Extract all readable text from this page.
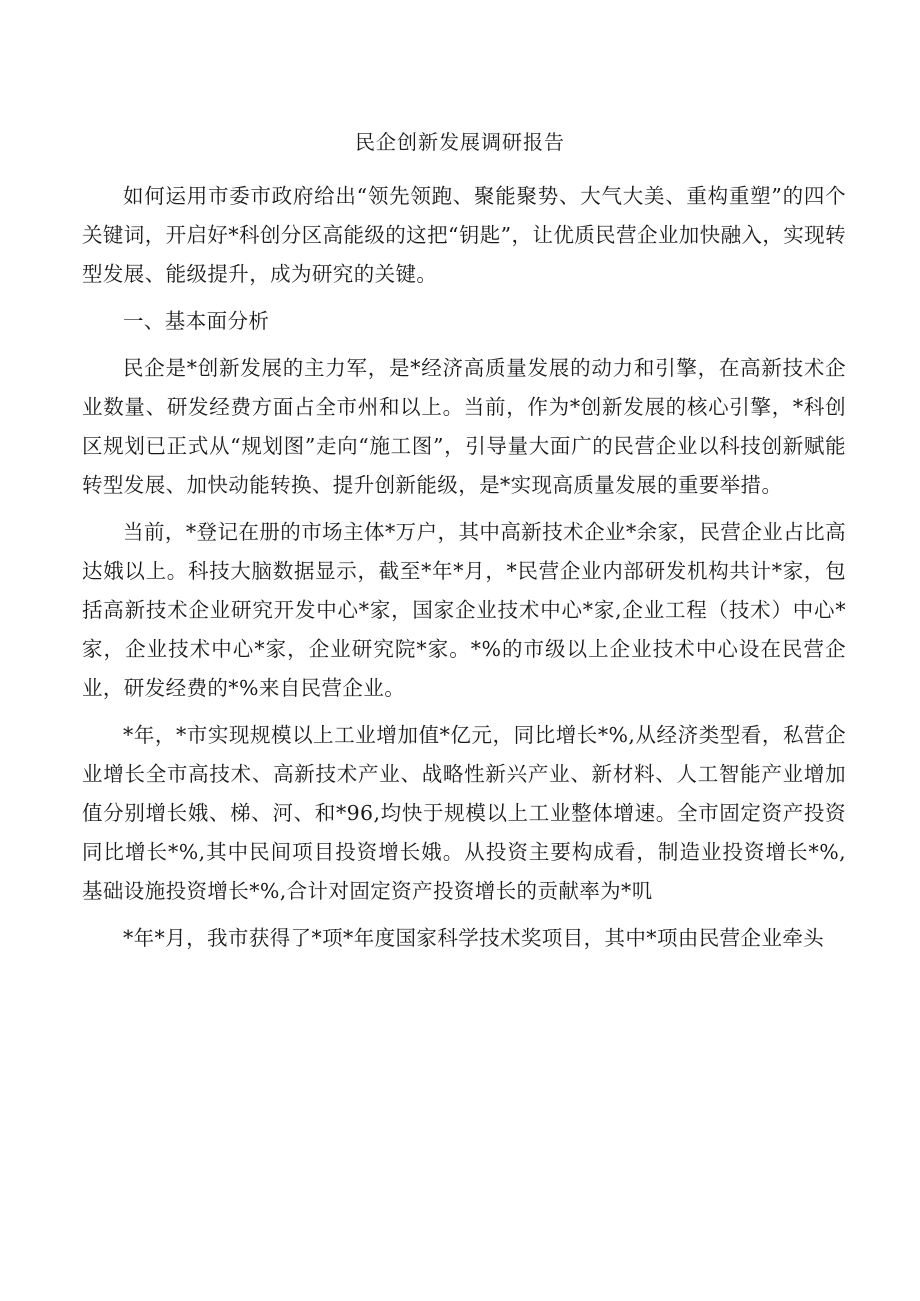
民企创新发展调研报告

如何运用市委市政府给出“领先领跑、聚能聚势、大气大美、重构重塑”的四个关键词，开启好*科创分区高能级的这把“钥匙”，让优质民营企业加快融入，实现转型发展、能级提升，成为研究的关键。

一、基本面分析

民企是*创新发展的主力军，是*经济高质量发展的动力和引擎，在高新技术企业数量、研发经费方面占全市州和以上。当前，作为*创新发展的核心引擎，*科创区规划已正式从“规划图”走向“施工图”，引导量大面广的民营企业以科技创新赋能转型发展、加快动能转换、提升创新能级，是*实现高质量发展的重要举措。

当前，*登记在册的市场主体*万户，其中高新技术企业*余家，民营企业占比高达娥以上。科技大脑数据显示，截至*年*月，*民营企业内部研发机构共计*家，包括高新技术企业研究开发中心*家，国家企业技术中心*家,企业工程（技术）中心*家，企业技术中心*家，企业研究院*家。*%的市级以上企业技术中心设在民营企业，研发经费的*%来自民营企业。

*年，*市实现规模以上工业增加值*亿元，同比增长*%,从经济类型看，私营企业增长全市高技术、高新技术产业、战略性新兴产业、新材料、人工智能产业增加值分别增长娥、梯、河、和*96,均快于规模以上工业整体增速。全市固定资产投资同比增长*%,其中民间项目投资增长娥。从投资主要构成看，制造业投资增长*%,基础设施投资增长*%,合计对固定资产投资增长的贡献率为*叽

*年*月，我市获得了*项*年度国家科学技术奖项目，其中*项由民营企业牵头
